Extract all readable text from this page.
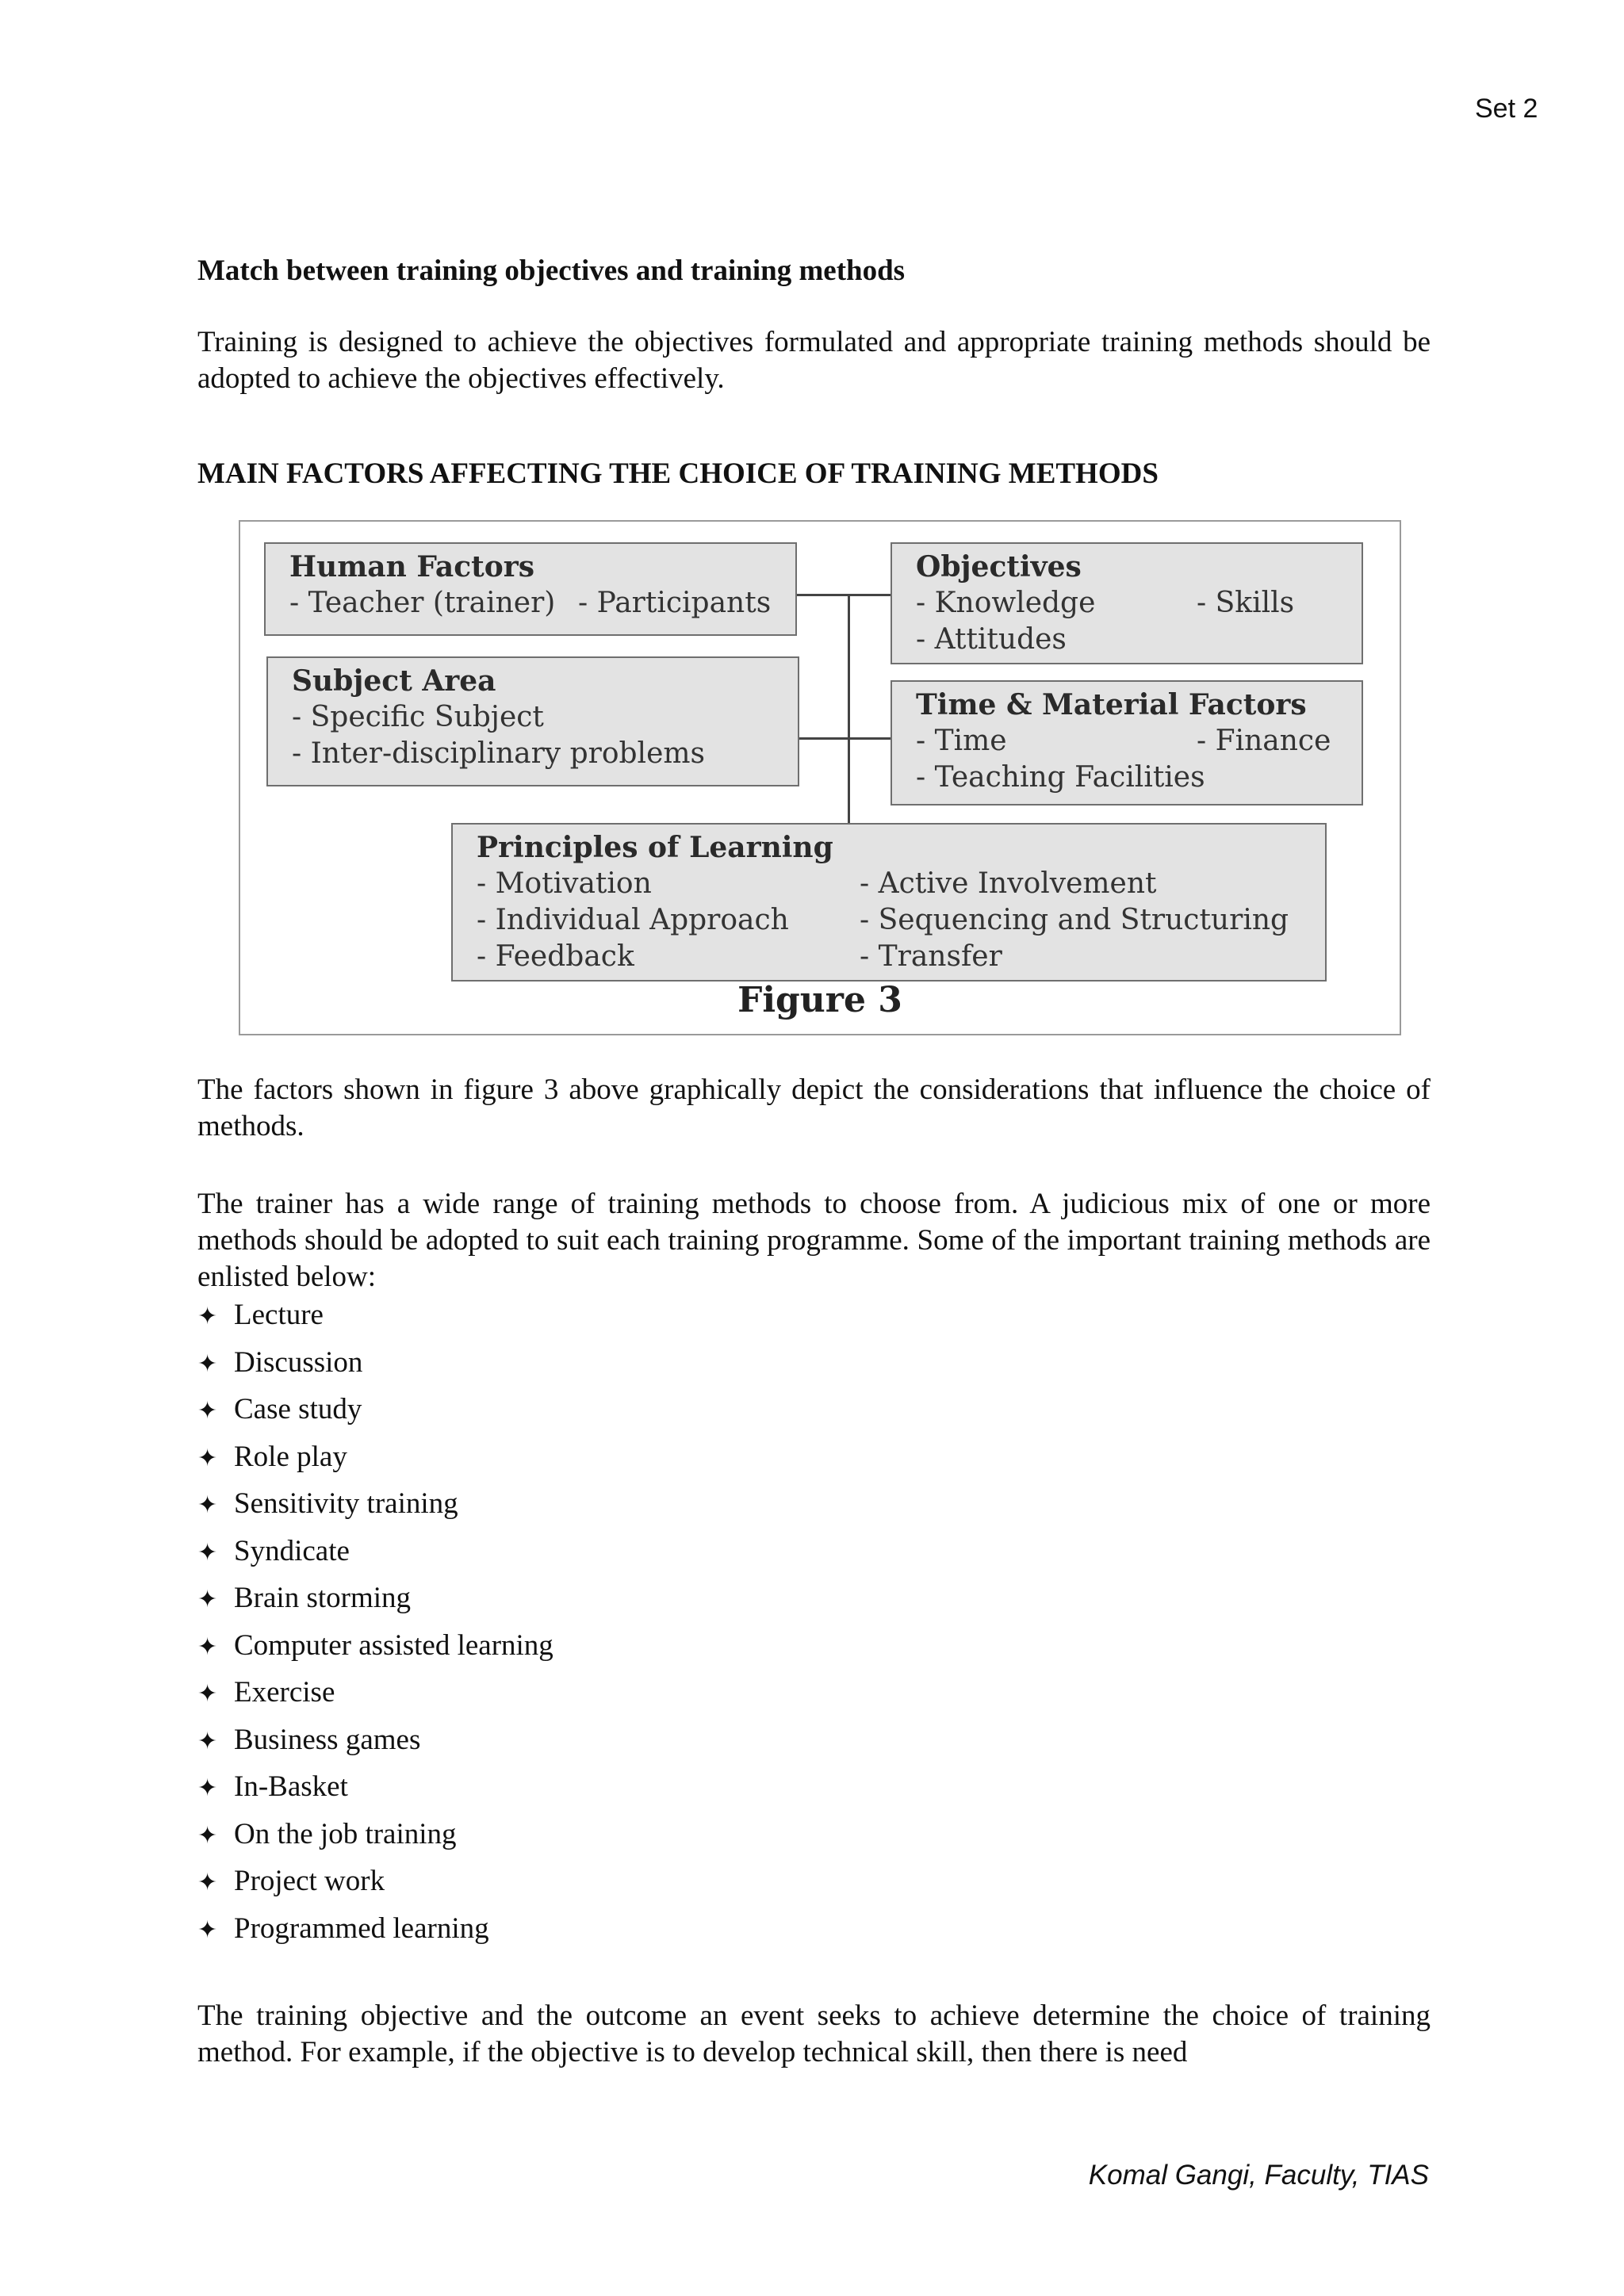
Set 2
Match between training objectives and training methods

Training is designed to achieve the objectives formulated and appropriate training methods should be adopted to achieve the objectives effectively.

MAIN FACTORS AFFECTING THE CHOICE OF TRAINING METHODS
Human Factors
- Teacher (trainer) - Participants
Subject Area
- Specific Subject
- Inter-disciplinary problems
Objectives
- Knowledge	- Skills
- Attitudes
Time & Material Factors
- Time	- Finance
- Teaching Facilities
Principles of Learning
- Motivation	- Active Involvement
- Individual Approach - Sequencing and Structuring
- Feedback	- Transfer
Figure 3

The factors shown in figure 3 above graphically depict the considerations that influence the choice of methods.

The trainer has a wide range of training methods to choose from. A judicious mix of one or more methods should be adopted to suit each training programme. Some of the important training methods are enlisted below:

✦ Lecture
✦ Discussion
✦ Case study
✦ Role play
✦ Sensitivity training
✦ Syndicate
✦ Brain storming
✦ Computer assisted learning
✦ Exercise
✦ Business games
✦ In-Basket
✦ On the job training
✦ Project work
✦ Programmed learning

The training objective and the outcome an event seeks to achieve determine the choice of training method. For example, if the objective is to develop technical skill, then there is need

Komal Gangi, Faculty, TIAS
